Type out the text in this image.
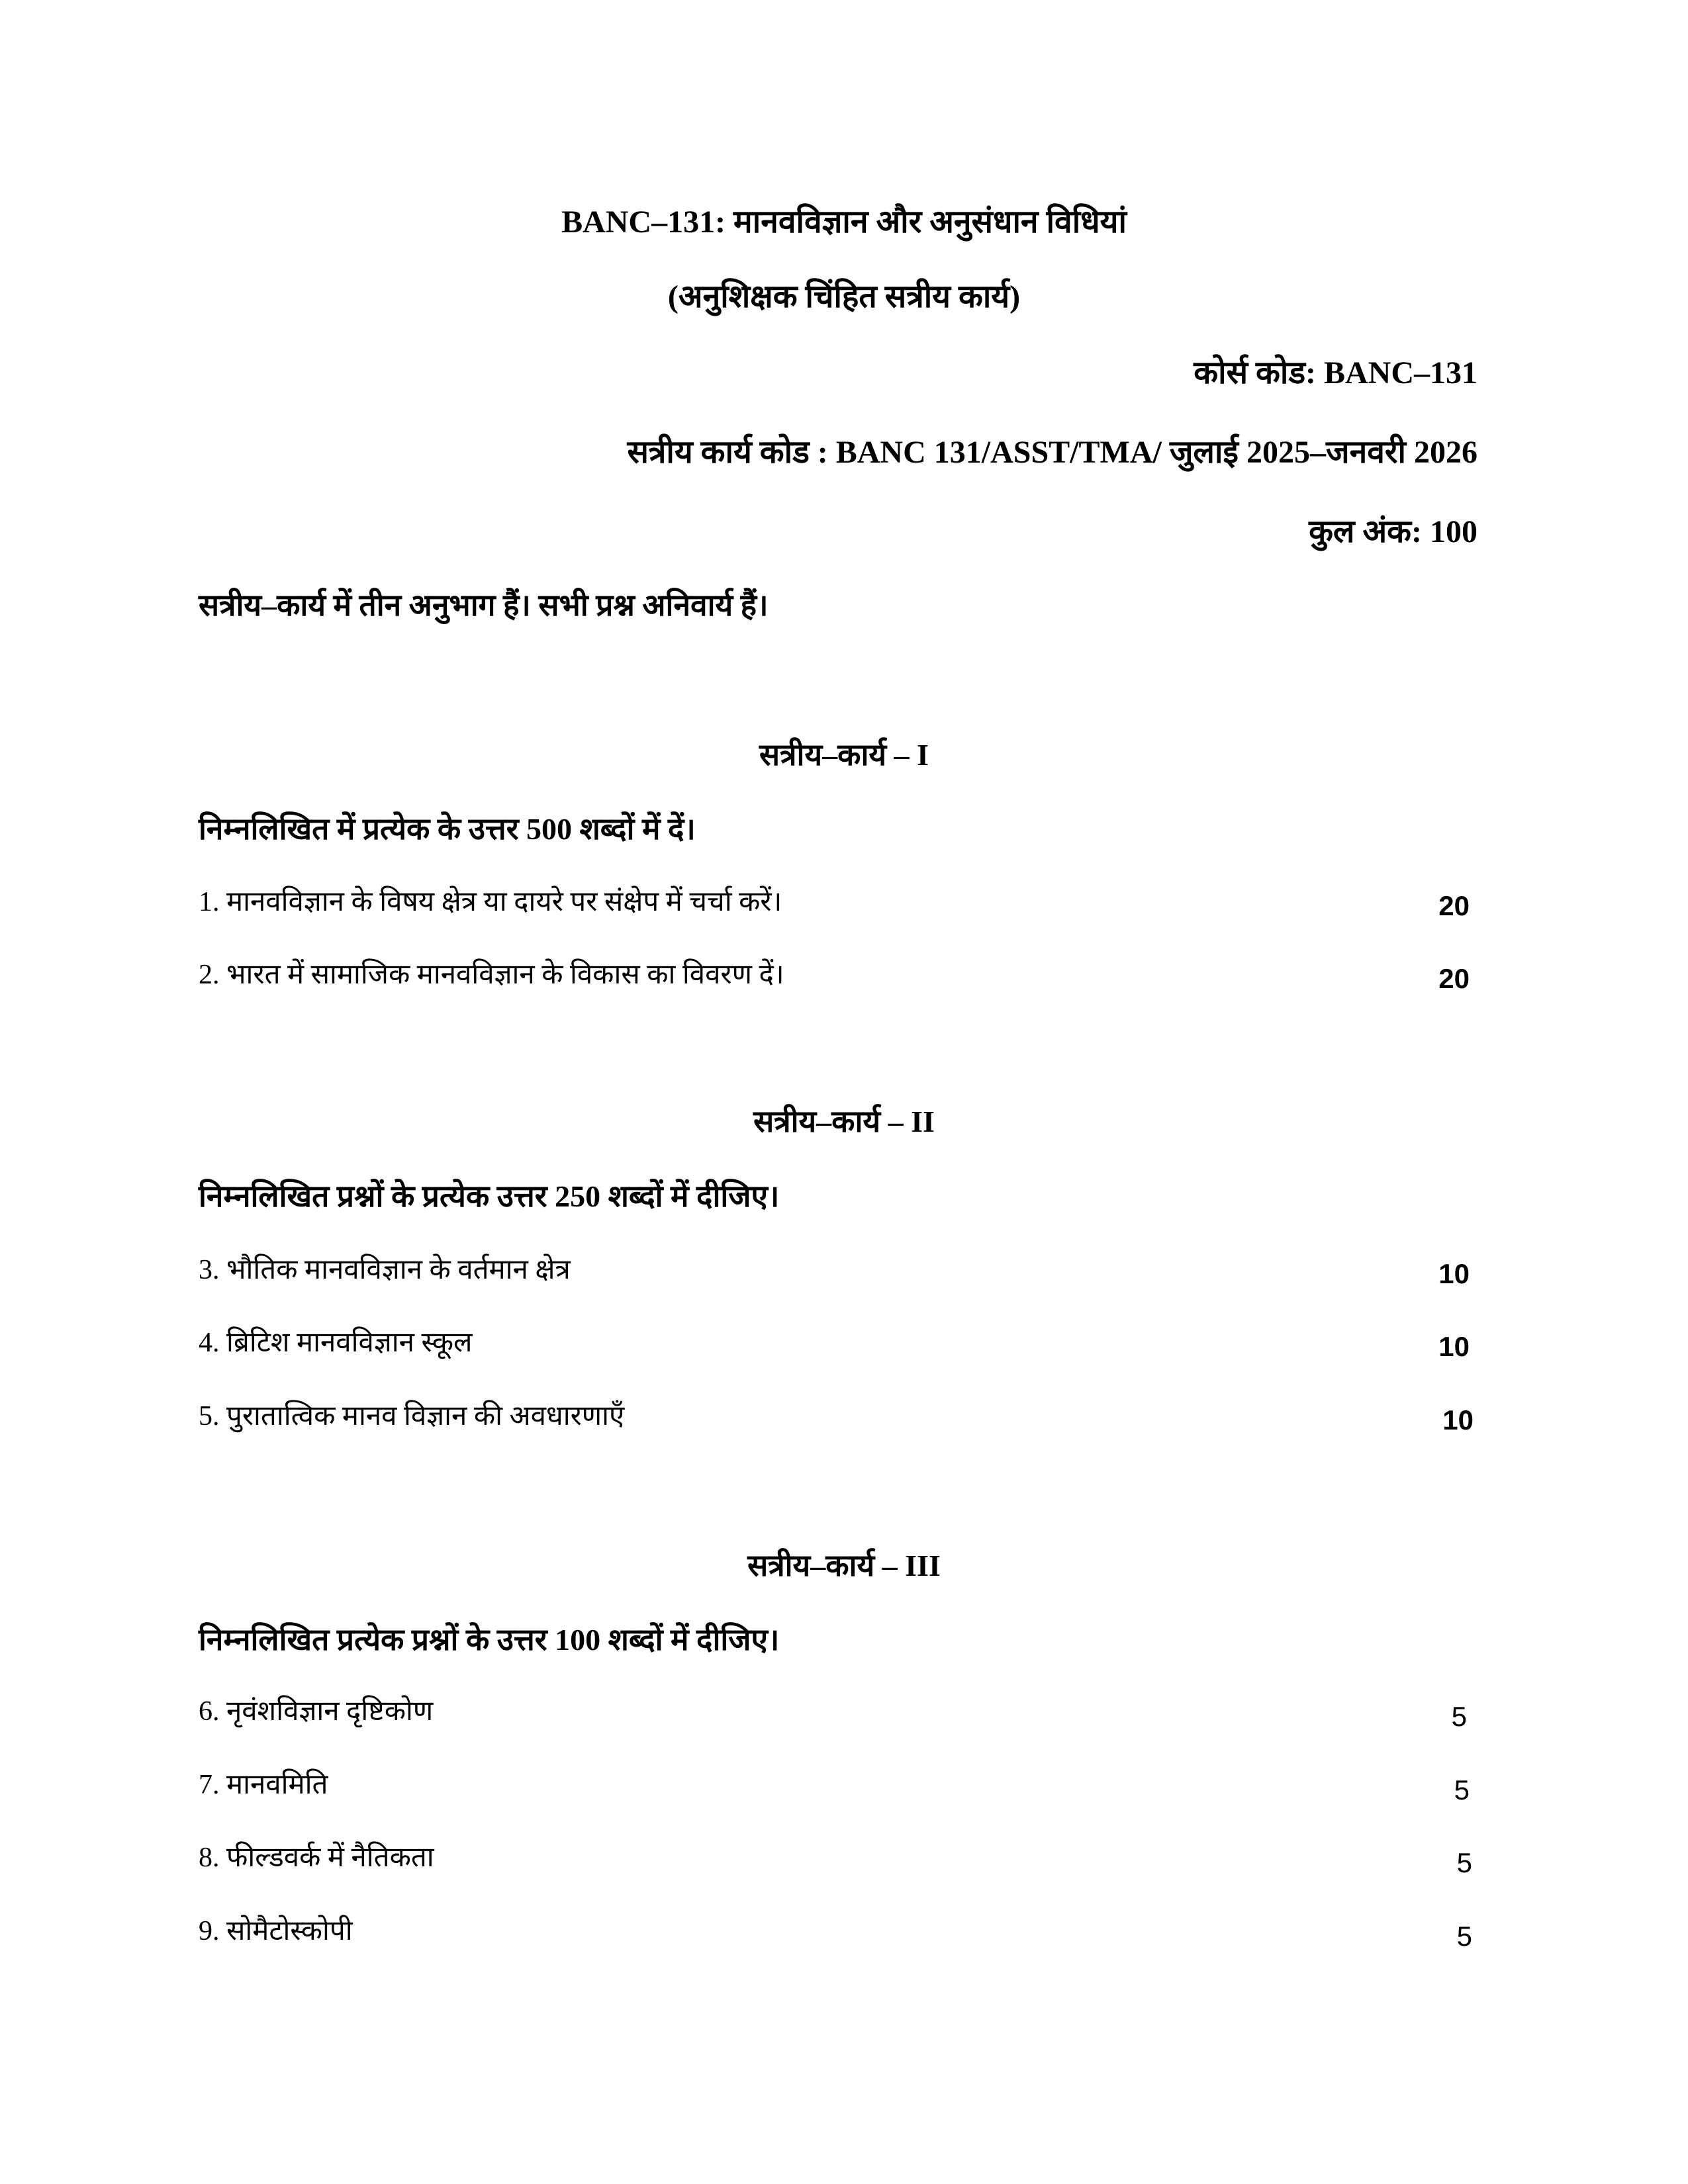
BANC–131: मानवविज्ञान और अनुसंधान विधियां
(अनुशिक्षक चिंहित सत्रीय कार्य)
कोर्स कोड: BANC–131
सत्रीय कार्य कोड : BANC 131/ASST/TMA/ जुलाई 2025–जनवरी 2026
कुल अंक: 100
सत्रीय–कार्य में तीन अनुभाग हैं। सभी प्रश्न अनिवार्य हैं।
सत्रीय–कार्य – I
निम्नलिखित में प्रत्येक के उत्तर 500 शब्दों में दें।
1. मानवविज्ञान के विषय क्षेत्र या दायरे पर संक्षेप में चर्चा करें।	20
2. भारत में सामाजिक मानवविज्ञान के विकास का विवरण दें।	20
सत्रीय–कार्य – II
निम्नलिखित प्रश्नों के प्रत्येक उत्तर 250 शब्दों में दीजिए।
3. भौतिक मानवविज्ञान के वर्तमान क्षेत्र	10
4. ब्रिटिश मानवविज्ञान स्कूल	10
5. पुरातात्विक मानव विज्ञान की अवधारणाएँ	10
सत्रीय–कार्य – III
निम्नलिखित प्रत्येक प्रश्नों के उत्तर 100 शब्दों में दीजिए।
6. नृवंशविज्ञान दृष्टिकोण	5
7. मानवमिति	5
8. फील्डवर्क में नैतिकता	5
9. सोमैटोस्कोपी	5
